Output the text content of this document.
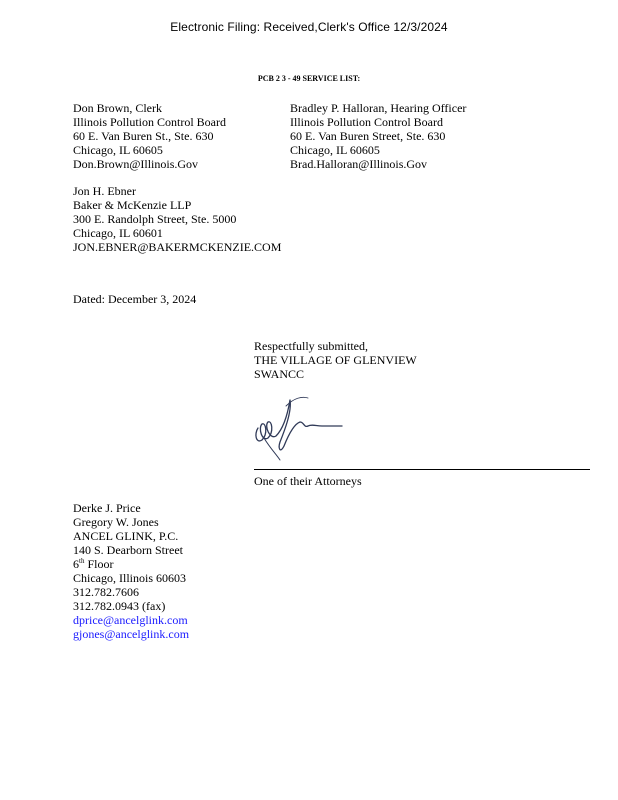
Electronic Filing: Received,Clerk's Office 12/3/2024
PCB 2 3 - 49 SERVICE LIST:
Don Brown, Clerk
Illinois Pollution Control Board
60 E. Van Buren St., Ste. 630
Chicago, IL 60605
Don.Brown@Illinois.Gov
Bradley P. Halloran, Hearing Officer
Illinois Pollution Control Board
60 E. Van Buren Street, Ste. 630
Chicago, IL 60605
Brad.Halloran@Illinois.Gov
Jon H. Ebner
Baker & McKenzie LLP
300 E. Randolph Street, Ste. 5000
Chicago, IL 60601
JON.EBNER@BAKERMCKENZIE.COM
Dated: December 3, 2024
Respectfully submitted,
THE VILLAGE OF GLENVIEW
SWANCC
One of their Attorneys
Derke J. Price
Gregory W. Jones
ANCEL GLINK, P.C.
140 S. Dearborn Street
6th Floor
Chicago, Illinois 60603
312.782.7606
312.782.0943 (fax)
dprice@ancelglink.com
gjones@ancelglink.com
